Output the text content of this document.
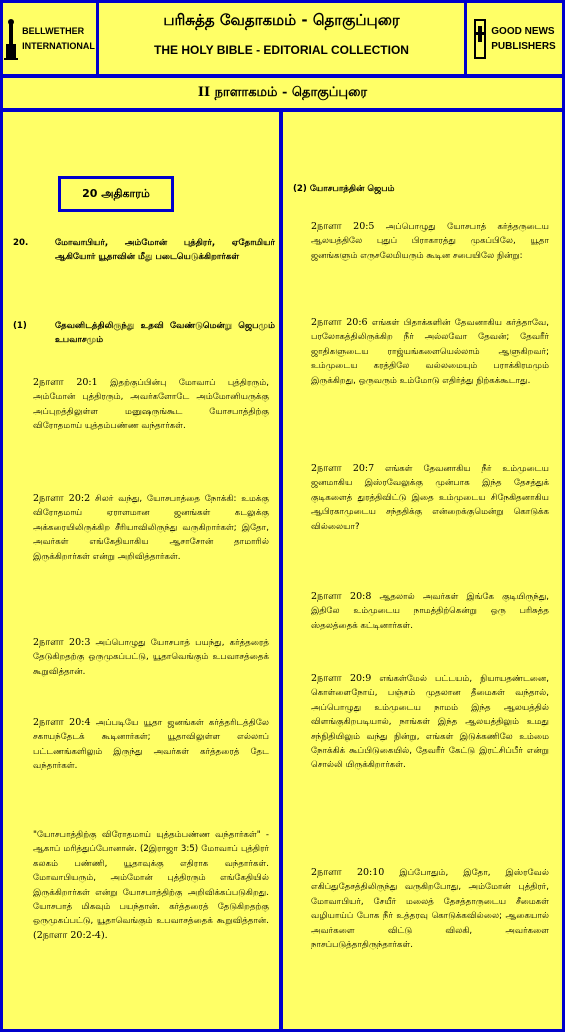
BELLWETHER
INTERNATIONAL
பரிசுத்த வேதாகமம் - தொகுப்புரை
THE HOLY BIBLE - EDITORIAL COLLECTION
GOOD NEWS
PUBLISHERS
II நாளாகமம் - தொகுப்புரை
20 அதிகாரம்
20.	மோவாபியர், அம்மோன் புத்திரர், ஏதோமியர் ஆகியோர் யூதாவின் மீது படையெடுக்கிறார்கள்
(1)	தேவனிடத்திலிருந்து உதவி வேண்டுமென்று ஜெபமும் உபவாசமும்
2நாளா 20:1 இதற்குப்பின்பு மோவாப் புத்திரரும், அம்மோன் புத்திரரும், அவர்களோடே அம்மோனியருக்கு அப்புறத்திலுள்ள மனுஷருங்கூட யோசபாத்திற்கு விரோதமாய் யுத்தம்பண்ண வந்தார்கள்.
2நாளா 20:2 சிலர் வந்து, யோசபாத்தை நோக்கி: உமக்கு விரோதமாய் ஏராளமான ஜனங்கள் கடலுக்கு அக்கரையிலிருக்கிற சீரியாவிலிருந்து வருகிறார்கள்; இதோ, அவர்கள் எங்கேதியாகிய ஆசாசோன் தாமாரில் இருக்கிறார்கள் என்று அறிவித்தார்கள்.
2நாளா 20:3 அப்பொழுது யோசபாத் பயந்து, கர்த்தரைத் தேடுகிறதற்கு ஒருமுகப்பட்டு, யூதாவெங்கும் உபவாசத்தைக் கூறுவித்தான்.
2நாளா 20:4 அப்படியே யூதா ஜனங்கள் கர்த்தரிடத்திலே சகாயந்தேடக் கூடினார்கள்; யூதாவிலுள்ள எல்லாப் பட்டணங்களிலும் இருந்து அவர்கள் கர்த்தரைத் தேட வந்தார்கள்.
"யோசபாத்திற்கு விரோதமாய் யுத்தம்பண்ண வந்தார்கள்" - ஆகாப் மரித்துப்போனான். (2இராஜா 3:5) மோவாப் புத்திரர் கலகம் பண்ணி, யூதாவுக்கு எதிராக வந்தார்கள். மோவாபியரும், அம்மோன் புத்திரரும் எங்கேதியில் இருக்கிறார்கள் என்று யோசபாத்திற்கு அறிவிக்கப்படுகிறது. யோசபாத் மிகவும் பயந்தான். கர்த்தரைத் தேடுகிறதற்கு ஒருமுகப்பட்டு, யூதாவெங்கும் உபவாசத்தைக் கூறுவித்தான். (2நாளா 20:2-4).
(2) யோசபாத்தின் ஜெபம்
2நாளா 20:5 அப்பொழுது யோசபாத் கர்த்தருடைய ஆலயத்திலே புதுப் பிராகாரத்து முகப்பிலே, யூதா ஜனங்களும் எருசலேமியரும் கூடின சபையிலே நின்று:
2நாளா 20:6 எங்கள் பிதாக்களின் தேவனாகிய கர்த்தாவே, பரலோகத்திலிருக்கிற நீர் அல்லவோ தேவன்; தேவரீர் ஜாதிகளுடைய ராஜ்யங்களையெல்லாம் ஆளுகிறவர்; உம்முடைய கரத்திலே வல்லமையும் பராக்கிரமமும் இருக்கிறது, ஒருவரும் உம்மோடு எதிர்த்து நிற்கக்கூடாது.
2நாளா 20:7 எங்கள் தேவனாகிய நீர் உம்முடைய ஜனமாகிய இஸ்ரவேலுக்கு முன்பாக இந்த தேசத்துக் குடிகளைத் துரத்திவிட்டு இதை உம்முடைய சிநேகிதனாகிய ஆபிரகாமுடைய சந்ததிக்கு என்றைக்குமென்று கொடுக்க வில்லையா?
2நாளா 20:8 ஆதலால் அவர்கள் இங்கே குடியிருந்து, இதிலே உம்முடைய நாமத்திற்கென்று ஒரு பரிசுத்த ஸ்தலத்தைக் கட்டினார்கள்.
2நாளா 20:9 எங்கள்மேல் பட்டயம், நியாயதண்டனை, கொள்ளைநோய், பஞ்சம் முதலான தீமைகள் வந்தால், அப்பொழுது உம்முடைய நாமம் இந்த ஆலயத்தில் விளங்குகிறபடியால், நாங்கள் இந்த ஆலயத்திலும் உமது சந்நிதியிலும் வந்து நின்று, எங்கள் இடுக்கணிலே உம்மை நோக்கிக் கூப்பிடுகையில், தேவரீர் கேட்டு இரட்சிப்பீர் என்று சொல்லி யிருக்கிறார்கள்.
2நாளா 20:10 இப்போதும், இதோ, இஸ்ரவேல் எகிப்துதேசத்திலிருந்து வருகிறபோது, அம்மோன் புத்திரர், மோவாபியர், சேயீர் மலைத் தேசத்தாருடைய சீமைகள் வழியாய்ப் போக நீர் உத்தரவு கொடுக்கவில்லை; ஆகையால் அவர்களை விட்டு விலகி, அவர்களை நாசப்படுத்தாதிருந்தார்கள்.
